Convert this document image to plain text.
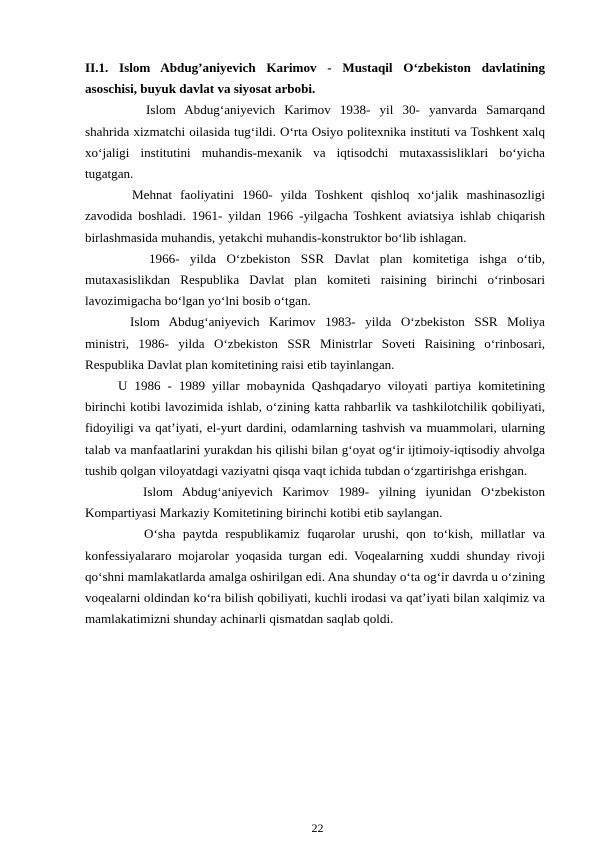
II.1. Islom Abdug’aniyevich Karimov - Mustaqil O‘zbekiston davlatining asoschisi, buyuk davlat va siyosat arbobi.

Islom Abdug‘aniyevich Karimov 1938- yil 30- yanvarda Samarqand shahrida xizmatchi oilasida tug‘ildi. O‘rta Osiyo politexnika instituti va Toshkent xalq xo‘jaligi institutini muhandis-mexanik va iqtisodchi mutaxassisliklari bo‘yicha tugatgan.

Mehnat faoliyatini 1960- yilda Toshkent qishloq xo‘jalik mashinasozligi zavodida boshladi. 1961- yildan 1966 -yilgacha Toshkent aviatsiya ishlab chiqarish birlashmasida muhandis, yetakchi muhandis-konstruktor bo‘lib ishlagan.

1966- yilda O‘zbekiston SSR Davlat plan komitetiga ishga o‘tib, mutaxasislikdan Respublika Davlat plan komiteti raisining birinchi o‘rinbosari lavozimigacha bo‘lgan yo‘lni bosib o‘tgan.

Islom Abdug‘aniyevich Karimov 1983- yilda O‘zbekiston SSR Moliya ministri, 1986- yilda O‘zbekiston SSR Ministrlar Soveti Raisining o‘rinbosari, Respublika Davlat plan komitetining raisi etib tayinlangan.

U 1986 - 1989 yillar mobaynida Qashqadaryo viloyati partiya komitetining birinchi kotibi lavozimida ishlab, o‘zining katta rahbarlik va tashkilotchilik qobiliyati, fidoyiligi va qat’iyati, el-yurt dardini, odamlarning tashvish va muammolari, ularning talab va manfaatlarini yurakdan his qilishi bilan g‘oyat og‘ir ijtimoiy-iqtisodiy ahvolga tushib qolgan viloyatdagi vaziyatni qisqa vaqt ichida tubdan o‘zgartirishga erishgan.

Islom Abdug‘aniyevich Karimov 1989- yilning iyunidan O‘zbekiston Kompartiyasi Markaziy Komitetining birinchi kotibi etib saylangan.

O‘sha paytda respublikamiz fuqarolar urushi, qon to‘kish, millatlar va konfessiyalararo mojarolar yoqasida turgan edi. Voqealarning xuddi shunday rivoji qo‘shni mamlakatlarda amalga oshirilgan edi. Ana shunday o‘ta og‘ir davrda u o‘zining voqealarni oldindan ko‘ra bilish qobiliyati, kuchli irodasi va qat’iyati bilan xalqimiz va mamlakatimizni shunday achinarli qismatdan saqlab qoldi.

22
